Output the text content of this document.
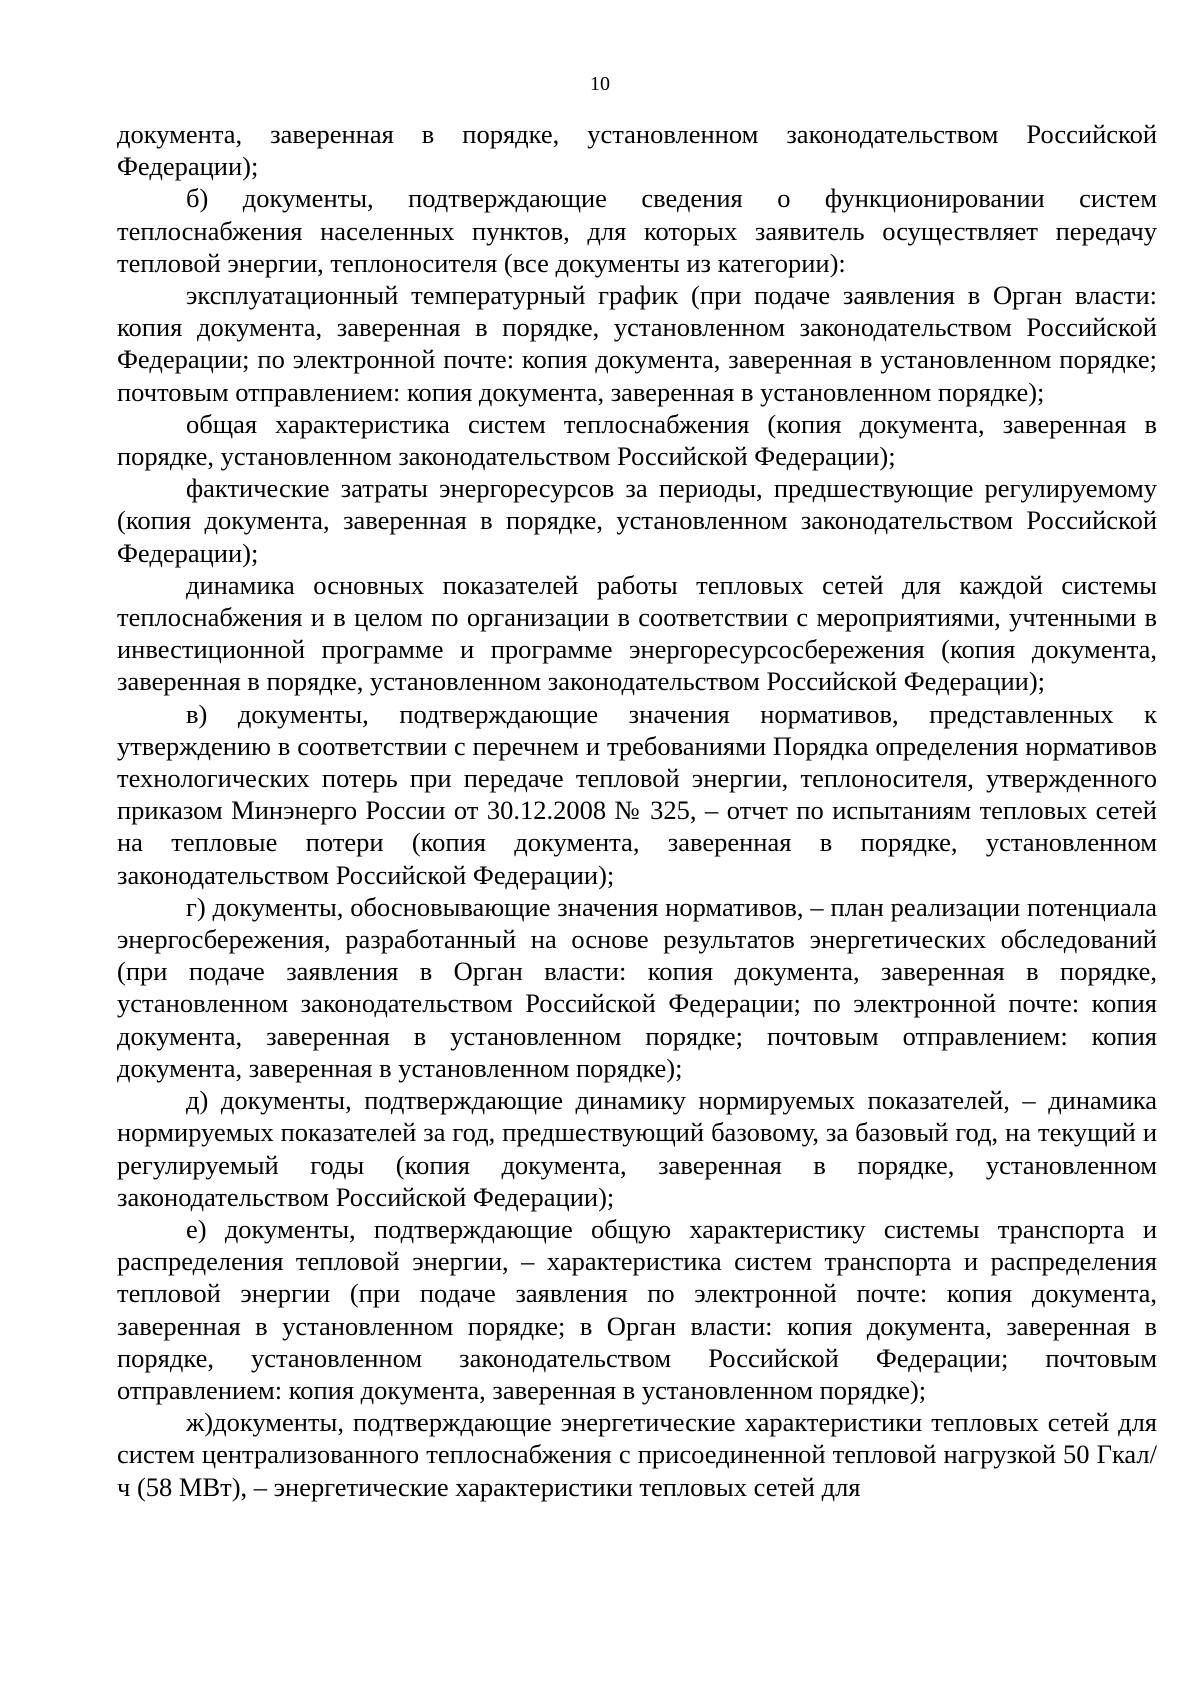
10

документа, заверенная в порядке, установленном законодательством Российской Федерации);

б) документы, подтверждающие сведения о функционировании систем теплоснабжения населенных пунктов, для которых заявитель осуществляет передачу тепловой энергии, теплоносителя (все документы из категории):

эксплуатационный температурный график (при подаче заявления в Орган власти: копия документа, заверенная в порядке, установленном законодательством Российской Федерации; по электронной почте: копия документа, заверенная в установленном порядке; почтовым отправлением: копия документа, заверенная в установленном порядке);

общая характеристика систем теплоснабжения (копия документа, заверенная в порядке, установленном законодательством Российской Федерации);

фактические затраты энергоресурсов за периоды, предшествующие регулируемому (копия документа, заверенная в порядке, установленном законодательством Российской Федерации);

динамика основных показателей работы тепловых сетей для каждой системы теплоснабжения и в целом по организации в соответствии с мероприятиями, учтенными в инвестиционной программе и программе энергоресурсосбережения (копия документа, заверенная в порядке, установленном законодательством Российской Федерации);

в) документы, подтверждающие значения нормативов, представленных к утверждению в соответствии с перечнем и требованиями Порядка определения нормативов технологических потерь при передаче тепловой энергии, теплоносителя, утвержденного приказом Минэнерго России от 30.12.2008 № 325, – отчет по испытаниям тепловых сетей на тепловые потери (копия документа, заверенная в порядке, установленном законодательством Российской Федерации);

г) документы, обосновывающие значения нормативов, – план реализации потенциала энергосбережения, разработанный на основе результатов энергетических обследований (при подаче заявления в Орган власти: копия документа, заверенная в порядке, установленном законодательством Российской Федерации; по электронной почте: копия документа, заверенная в установленном порядке; почтовым отправлением: копия документа, заверенная в установленном порядке);

д) документы, подтверждающие динамику нормируемых показателей, – динамика нормируемых показателей за год, предшествующий базовому, за базовый год, на текущий и регулируемый годы (копия документа, заверенная в порядке, установленном законодательством Российской Федерации);

е) документы, подтверждающие общую характеристику системы транспорта и распределения тепловой энергии, – характеристика систем транспорта и распределения тепловой энергии (при подаче заявления по электронной почте: копия документа, заверенная в установленном порядке; в Орган власти: копия документа, заверенная в порядке, установленном законодательством Российской Федерации; почтовым отправлением: копия документа, заверенная в установленном порядке);

ж)документы, подтверждающие энергетические характеристики тепловых сетей для систем централизованного теплоснабжения с присоединенной тепловой нагрузкой 50 Гкал/ч (58 МВт), – энергетические характеристики тепловых сетей для
